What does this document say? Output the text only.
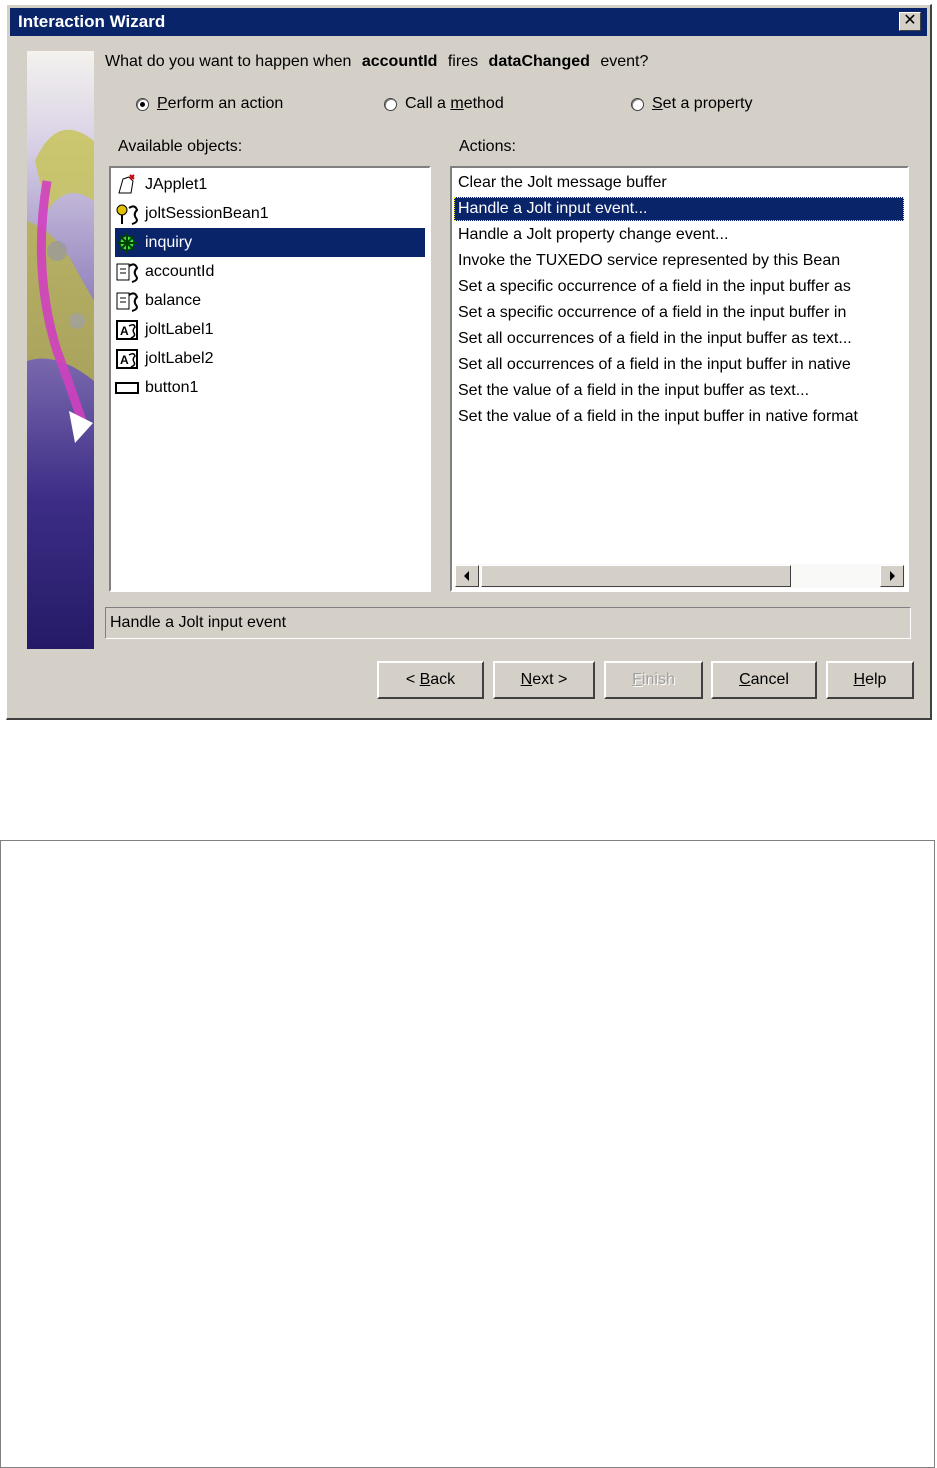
Interaction Wizard	✕
What do you want to happen when accountId fires dataChanged event?
Perform an action	Call a method	Set a property
Available objects:	Actions:
JApplet1
joltSessionBean1
inquiry
accountId
balance
A joltLabel1
A joltLabel2
button1
Clear the Jolt message buffer
Handle a Jolt input event...
Handle a Jolt property change event...
Invoke the TUXEDO service represented by this Bean
Set a specific occurrence of a field in the input buffer as
Set a specific occurrence of a field in the input buffer in
Set all occurrences of a field in the input buffer as text...
Set all occurrences of a field in the input buffer in native
Set the value of a field in the input buffer as text...
Set the value of a field in the input buffer in native format
Handle a Jolt input event
< Back	Next >	Finish	Cancel	Help
